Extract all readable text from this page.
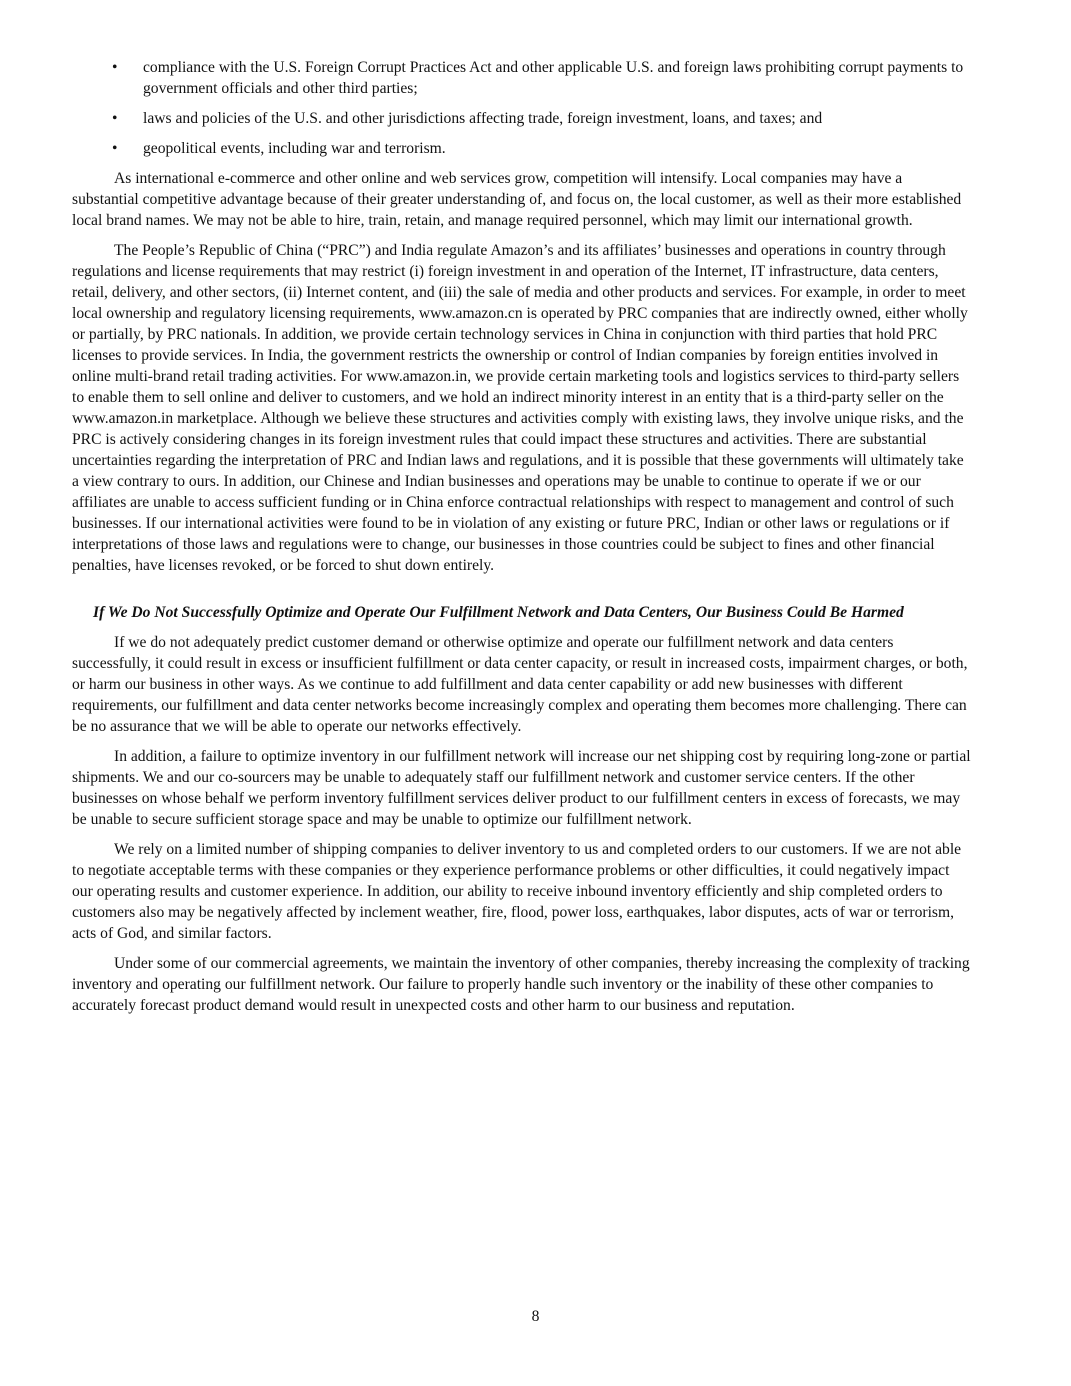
• compliance with the U.S. Foreign Corrupt Practices Act and other applicable U.S. and foreign laws prohibiting corrupt payments to government officials and other third parties;
• laws and policies of the U.S. and other jurisdictions affecting trade, foreign investment, loans, and taxes; and
• geopolitical events, including war and terrorism.

As international e-commerce and other online and web services grow, competition will intensify. Local companies may have a substantial competitive advantage because of their greater understanding of, and focus on, the local customer, as well as their more established local brand names. We may not be able to hire, train, retain, and manage required personnel, which may limit our international growth.

The People’s Republic of China (“PRC”) and India regulate Amazon’s and its affiliates’ businesses and operations in country through regulations and license requirements that may restrict (i) foreign investment in and operation of the Internet, IT infrastructure, data centers, retail, delivery, and other sectors, (ii) Internet content, and (iii) the sale of media and other products and services. For example, in order to meet local ownership and regulatory licensing requirements, www.amazon.cn is operated by PRC companies that are indirectly owned, either wholly or partially, by PRC nationals. In addition, we provide certain technology services in China in conjunction with third parties that hold PRC licenses to provide services. In India, the government restricts the ownership or control of Indian companies by foreign entities involved in online multi-brand retail trading activities. For www.amazon.in, we provide certain marketing tools and logistics services to third-party sellers to enable them to sell online and deliver to customers, and we hold an indirect minority interest in an entity that is a third-party seller on the www.amazon.in marketplace. Although we believe these structures and activities comply with existing laws, they involve unique risks, and the PRC is actively considering changes in its foreign investment rules that could impact these structures and activities. There are substantial uncertainties regarding the interpretation of PRC and Indian laws and regulations, and it is possible that these governments will ultimately take a view contrary to ours. In addition, our Chinese and Indian businesses and operations may be unable to continue to operate if we or our affiliates are unable to access sufficient funding or in China enforce contractual relationships with respect to management and control of such businesses. If our international activities were found to be in violation of any existing or future PRC, Indian or other laws or regulations or if interpretations of those laws and regulations were to change, our businesses in those countries could be subject to fines and other financial penalties, have licenses revoked, or be forced to shut down entirely.

If We Do Not Successfully Optimize and Operate Our Fulfillment Network and Data Centers, Our Business Could Be Harmed

If we do not adequately predict customer demand or otherwise optimize and operate our fulfillment network and data centers successfully, it could result in excess or insufficient fulfillment or data center capacity, or result in increased costs, impairment charges, or both, or harm our business in other ways. As we continue to add fulfillment and data center capability or add new businesses with different requirements, our fulfillment and data center networks become increasingly complex and operating them becomes more challenging. There can be no assurance that we will be able to operate our networks effectively.

In addition, a failure to optimize inventory in our fulfillment network will increase our net shipping cost by requiring long-zone or partial shipments. We and our co-sourcers may be unable to adequately staff our fulfillment network and customer service centers. If the other businesses on whose behalf we perform inventory fulfillment services deliver product to our fulfillment centers in excess of forecasts, we may be unable to secure sufficient storage space and may be unable to optimize our fulfillment network.

We rely on a limited number of shipping companies to deliver inventory to us and completed orders to our customers. If we are not able to negotiate acceptable terms with these companies or they experience performance problems or other difficulties, it could negatively impact our operating results and customer experience. In addition, our ability to receive inbound inventory efficiently and ship completed orders to customers also may be negatively affected by inclement weather, fire, flood, power loss, earthquakes, labor disputes, acts of war or terrorism, acts of God, and similar factors.

Under some of our commercial agreements, we maintain the inventory of other companies, thereby increasing the complexity of tracking inventory and operating our fulfillment network. Our failure to properly handle such inventory or the inability of these other companies to accurately forecast product demand would result in unexpected costs and other harm to our business and reputation.

8
